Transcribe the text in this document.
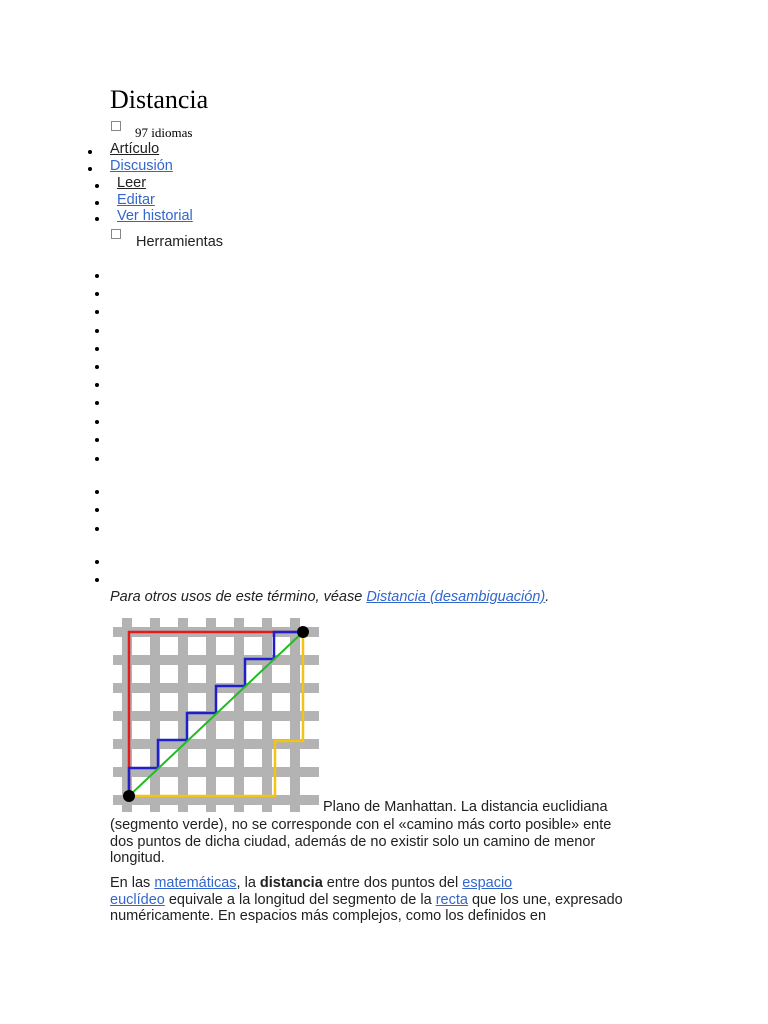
Distancia
97 idiomas
Artículo
Discusión
Leer
Editar
Ver historial
Herramientas
Para otros usos de este término, véase Distancia (desambiguación).
Plano de Manhattan. La distancia euclidiana
(segmento verde), no se corresponde con el «camino más corto posible» ente
dos puntos de dicha ciudad, además de no existir solo un camino de menor
longitud.
En las matemáticas, la distancia entre dos puntos del espacio
euclídeo equivale a la longitud del segmento de la recta que los une, expresado
numéricamente. En espacios más complejos, como los definidos en
